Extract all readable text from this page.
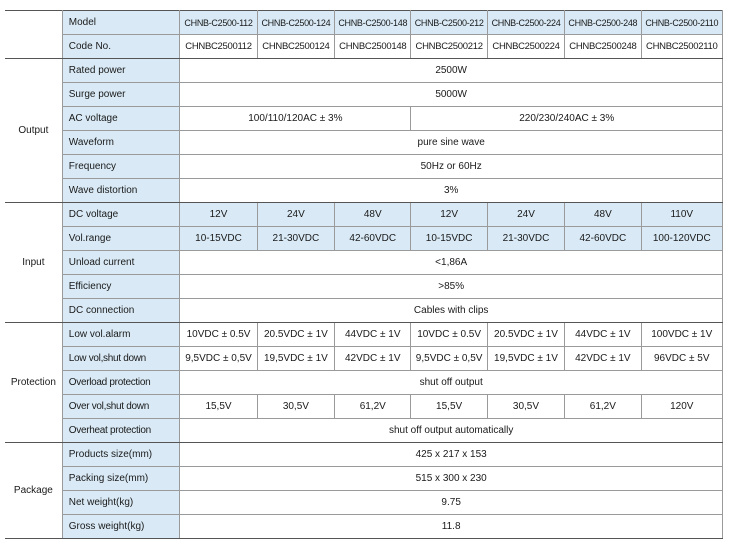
	Model	CHNB-C2500-112	CHNB-C2500-124	CHNB-C2500-148	CHNB-C2500-212	CHNB-C2500-224	CHNB-C2500-248	CHNB-C2500-2110
	Code No.	CHNBC2500112	CHNBC2500124	CHNBC2500148	CHNBC2500212	CHNBC2500224	CHNBC2500248	CHNBC25002110
Output	Rated power	2500W						
	Surge power	5000W						
	AC voltage	100/110/120AC ± 3%			220/230/240AC ± 3%			
	Waveform	pure sine wave						
	Frequency	50Hz or 60Hz						
	Wave distortion	3%						
Input	DC voltage	12V	24V	48V	12V	24V	48V	110V
	Vol.range	10-15VDC	21-30VDC	42-60VDC	10-15VDC	21-30VDC	42-60VDC	100-120VDC
	Unload current	<1,86A						
	Efficiency	>85%						
	DC connection	Cables with clips						
Protection	Low vol.alarm	10VDC ± 0.5V	20.5VDC ± 1V	44VDC ± 1V	10VDC ± 0.5V	20.5VDC ± 1V	44VDC ± 1V	100VDC ± 1V
	Low vol,shut down	9,5VDC ± 0,5V	19,5VDC ± 1V	42VDC ± 1V	9,5VDC ± 0,5V	19,5VDC ± 1V	42VDC ± 1V	96VDC ± 5V
	Overload protection	shut off output						
	Over vol,shut down	15,5V	30,5V	61,2V	15,5V	30,5V	61,2V	120V
	Overheat protection	shut off output automatically						
Package	Products size(mm)	425 x 217 x 153						
	Packing size(mm)	515 x 300 x 230						
	Net weight(kg)	9.75						
	Gross weight(kg)	11.8						
